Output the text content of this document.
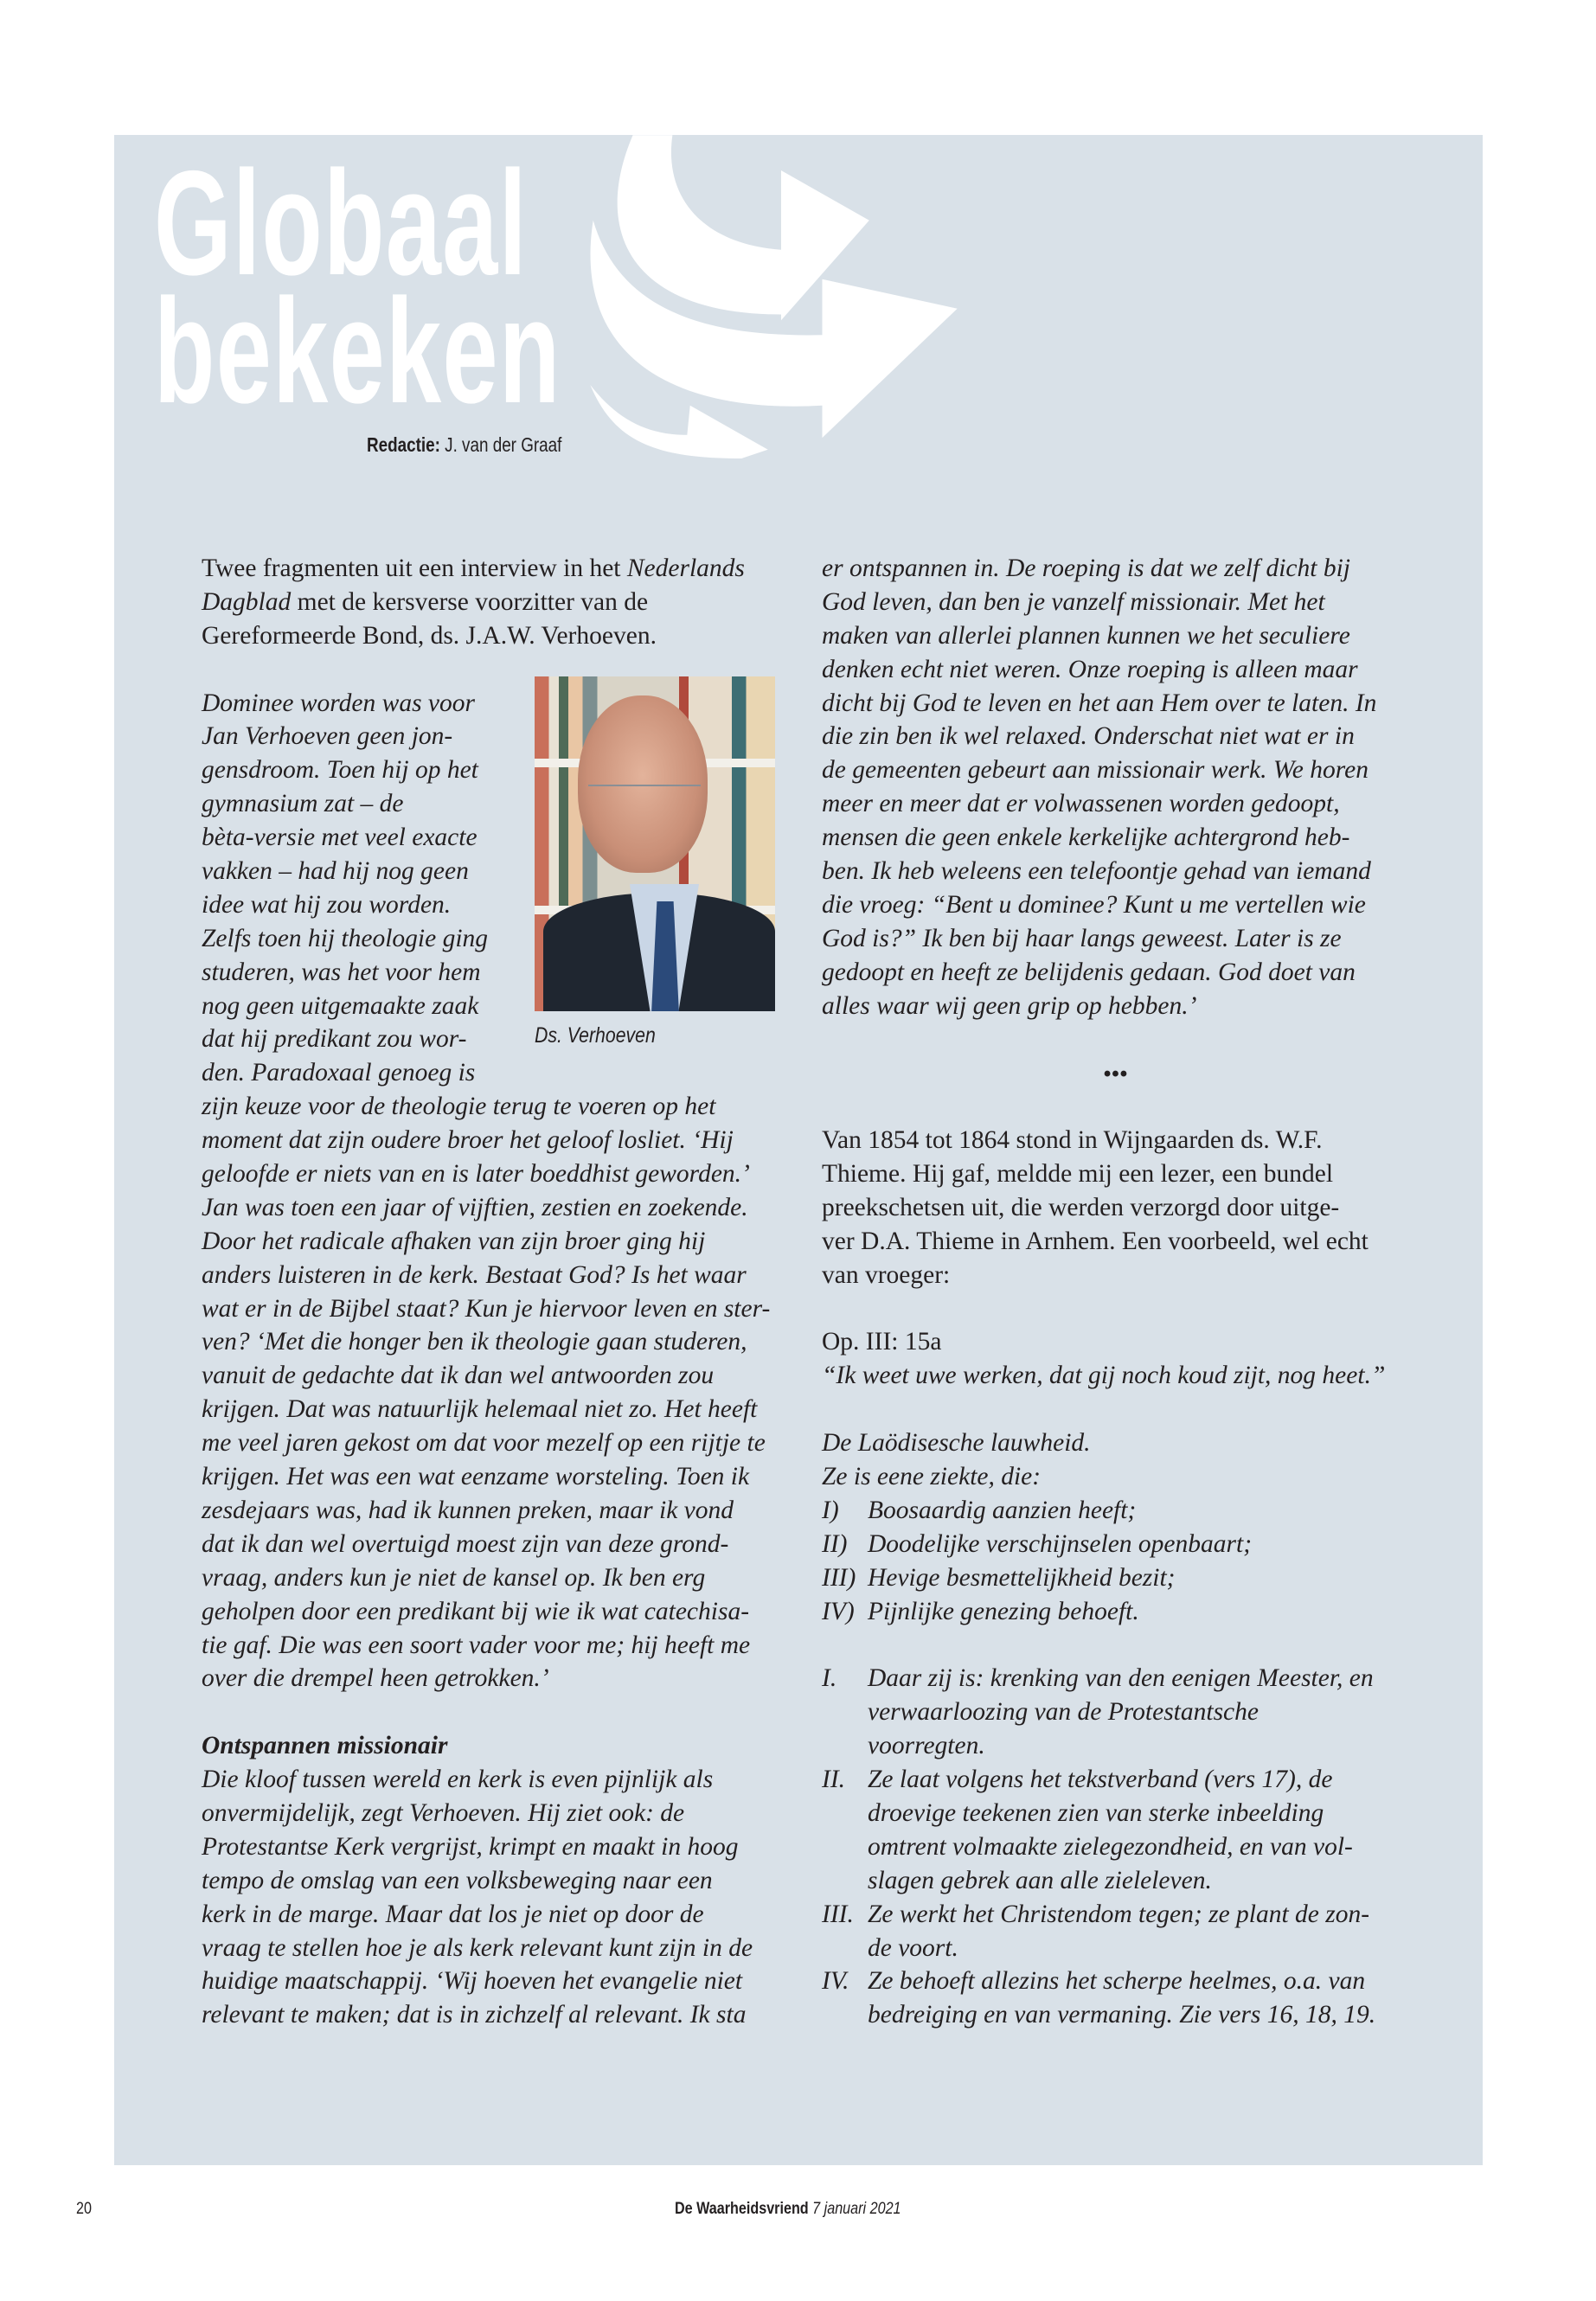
Globaal
bekeken
Redactie: J. van der Graaf
Twee fragmenten uit een interview in het Nederlands
Dagblad met de kersverse voorzitter van de
Gereformeerde Bond, ds. J.A.W. Verhoeven.
Dominee worden was voor
Jan Verhoeven geen jon-
gensdroom. Toen hij op het
gymnasium zat – de
bèta-versie met veel exacte
vakken – had hij nog geen
idee wat hij zou worden.
Zelfs toen hij theologie ging
studeren, was het voor hem
nog geen uitgemaakte zaak
dat hij predikant zou wor-
den. Paradoxaal genoeg is
zijn keuze voor de theologie terug te voeren op het
moment dat zijn oudere broer het geloof losliet. ‘Hij
geloofde er niets van en is later boeddhist geworden.’
Jan was toen een jaar of vijftien, zestien en zoekende.
Door het radicale afhaken van zijn broer ging hij
anders luisteren in de kerk. Bestaat God? Is het waar
wat er in de Bijbel staat? Kun je hiervoor leven en ster-
ven? ‘Met die honger ben ik theologie gaan studeren,
vanuit de gedachte dat ik dan wel antwoorden zou
krijgen. Dat was natuurlijk helemaal niet zo. Het heeft
me veel jaren gekost om dat voor mezelf op een rijtje te
krijgen. Het was een wat eenzame worsteling. Toen ik
zesdejaars was, had ik kunnen preken, maar ik vond
dat ik dan wel overtuigd moest zijn van deze grond-
vraag, anders kun je niet de kansel op. Ik ben erg
geholpen door een predikant bij wie ik wat catechisa-
tie gaf. Die was een soort vader voor me; hij heeft me
over die drempel heen getrokken.’
Ontspannen missionair
Die kloof tussen wereld en kerk is even pijnlijk als
onvermijdelijk, zegt Verhoeven. Hij ziet ook: de
Protestantse Kerk vergrijst, krimpt en maakt in hoog
tempo de omslag van een volksbeweging naar een
kerk in de marge. Maar dat los je niet op door de
vraag te stellen hoe je als kerk relevant kunt zijn in de
huidige maatschappij. ‘Wij hoeven het evangelie niet
relevant te maken; dat is in zichzelf al relevant. Ik sta
er ontspannen in. De roeping is dat we zelf dicht bij
God leven, dan ben je vanzelf missionair. Met het
maken van allerlei plannen kunnen we het seculiere
denken echt niet weren. Onze roeping is alleen maar
dicht bij God te leven en het aan Hem over te laten. In
die zin ben ik wel relaxed. Onderschat niet wat er in
de gemeenten gebeurt aan missionair werk. We horen
meer en meer dat er volwassenen worden gedoopt,
mensen die geen enkele kerkelijke achtergrond heb-
ben. Ik heb weleens een telefoontje gehad van iemand
die vroeg: “Bent u dominee? Kunt u me vertellen wie
God is?” Ik ben bij haar langs geweest. Later is ze
gedoopt en heeft ze belijdenis gedaan. God doet van
alles waar wij geen grip op hebben.’
•••
Van 1854 tot 1864 stond in Wijngaarden ds. W.F.
Thieme. Hij gaf, meldde mij een lezer, een bundel
preekschetsen uit, die werden verzorgd door uitge-
ver D.A. Thieme in Arnhem. Een voorbeeld, wel echt
van vroeger:
Op. III: 15a
“Ik weet uwe werken, dat gij noch koud zijt, nog heet.”
De Laödisesche lauwheid.
Ze is eene ziekte, die:
I) Boosaardig aanzien heeft;
II) Doodelijke verschijnselen openbaart;
III) Hevige besmettelijkheid bezit;
IV) Pijnlijke genezing behoeft.
I. Daar zij is: krenking van den eenigen Meester, en
verwaarloozing van de Protestantsche
voorregten.
II. Ze laat volgens het tekstverband (vers 17), de
droevige teekenen zien van sterke inbeelding
omtrent volmaakte zielegezondheid, en van vol-
slagen gebrek aan alle zieleleven.
III. Ze werkt het Christendom tegen; ze plant de zon-
de voort.
IV. Ze behoeft allezins het scherpe heelmes, o.a. van
bedreiging en van vermaning. Zie vers 16, 18, 19.
Ds. Verhoeven
20	De Waarheidsvriend 7 januari 2021
